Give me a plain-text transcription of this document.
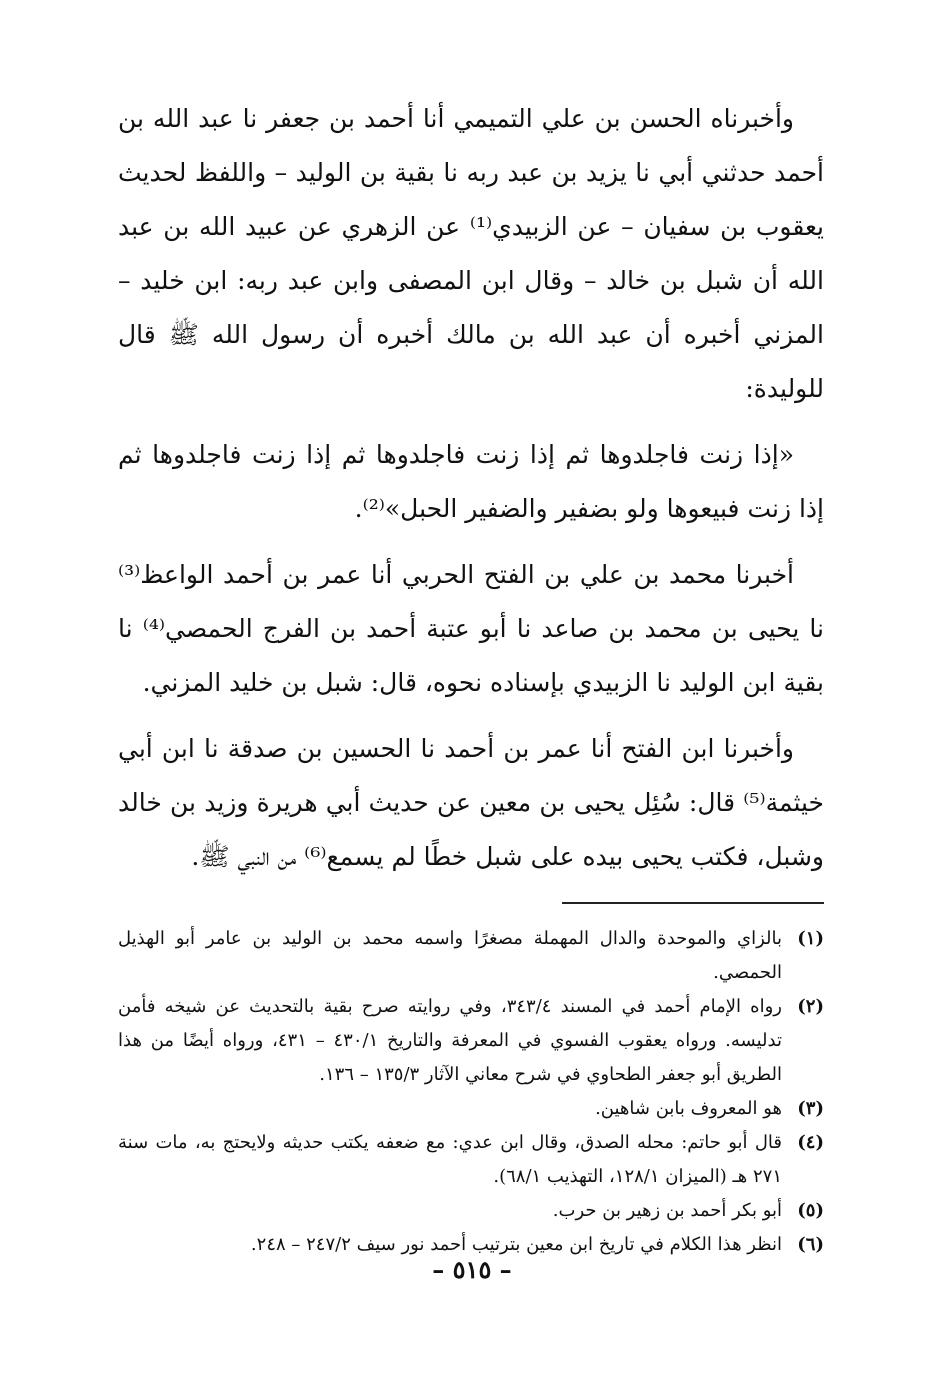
وأخبرناه الحسن بن علي التميمي أنا أحمد بن جعفر نا عبد الله بن أحمد حدثني أبي نا يزيد بن عبد ربه نا بقية بن الوليد – واللفظ لحديث يعقوب بن سفيان – عن الزبيدي⁽¹⁾ عن الزهري عن عبيد الله بن عبد الله أن شبل بن خالد – وقال ابن المصفى وابن عبد ربه: ابن خليد – المزني أخبره أن عبد الله بن مالك أخبره أن رسول الله ﷺ قال للوليدة:

«إذا زنت فاجلدوها ثم إذا زنت فاجلدوها ثم إذا زنت فاجلدوها ثم إذا زنت فبيعوها ولو بضفير والضفير الحبل»⁽²⁾.

أخبرنا محمد بن علي بن الفتح الحربي أنا عمر بن أحمد الواعظ⁽³⁾ نا يحيى بن محمد بن صاعد نا أبو عتبة أحمد بن الفرج الحمصي⁽⁴⁾ نا بقية ابن الوليد نا الزبيدي بإسناده نحوه، قال: شبل بن خليد المزني.

وأخبرنا ابن الفتح أنا عمر بن أحمد نا الحسين بن صدقة نا ابن أبي خيثمة⁽⁵⁾ قال: سُئِل يحيى بن معين عن حديث أبي هريرة وزيد بن خالد وشبل، فكتب يحيى بيده على شبل خطًا لم يسمع⁽⁶⁾ من النبي ﷺ.

(١)
بالزاي والموحدة والدال المهملة مصغرًا واسمه محمد بن الوليد بن عامر أبو الهذيل الحمصي.
(٢)
رواه الإمام أحمد في المسند ٣٤٣/٤، وفي روايته صرح بقية بالتحديث عن شيخه فأمن تدليسه. ورواه يعقوب الفسوي في المعرفة والتاريخ ٤٣٠/١ – ٤٣١، ورواه أيضًا من هذا الطريق أبو جعفر الطحاوي في شرح معاني الآثار ١٣٥/٣ – ١٣٦.
(٣)
هو المعروف بابن شاهين.
(٤)
قال أبو حاتم: محله الصدق، وقال ابن عدي: مع ضعفه يكتب حديثه ولايحتج به، مات سنة ٢٧١ هـ (الميزان ١٢٨/١، التهذيب ٦٨/١).
(٥)
أبو بكر أحمد بن زهير بن حرب.
(٦)
انظر هذا الكلام في تاريخ ابن معين بترتيب أحمد نور سيف ٢٤٧/٢ – ٢٤٨.
– ٥١٥ –
